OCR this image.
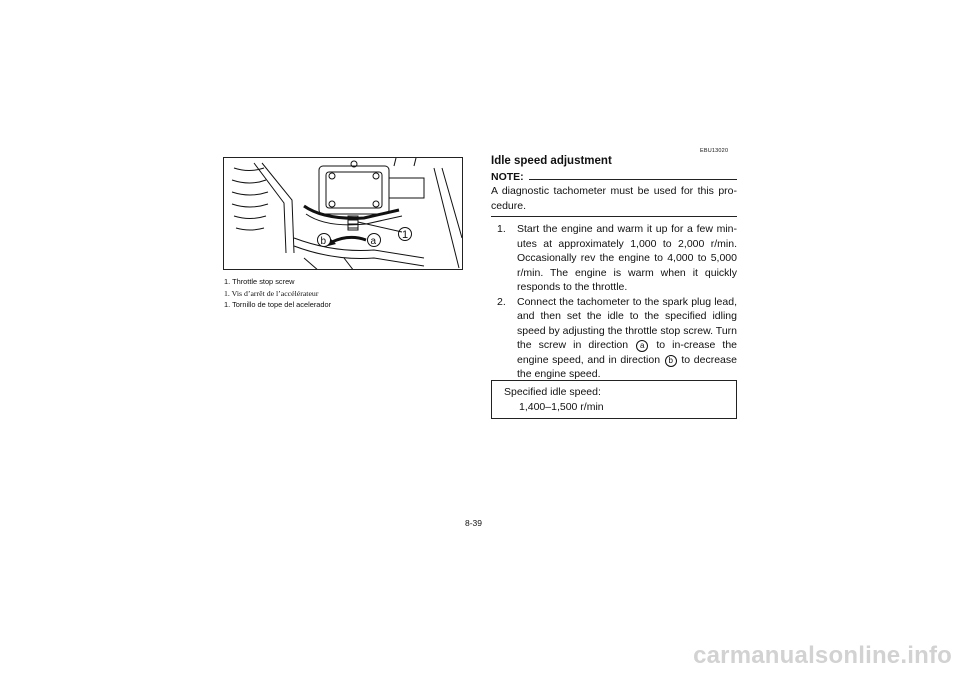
1
b	a
1. Throttle stop screw
1. Vis d’arrêt de l’accélérateur
1. Tornillo de tope del acelerador
EBU13020
Idle speed adjustment
NOTE:
A diagnostic tachometer must be used for this pro-cedure.
1. Start the engine and warm it up for a few min-utes at approximately 1,000 to 2,000 r/min. Occasionally rev the engine to 4,000 to 5,000 r/min. The engine is warm when it quickly responds to the throttle.
2. Connect the tachometer to the spark plug lead, and then set the idle to the specified idling speed by adjusting the throttle stop screw. Turn the screw in direction a to in-crease the engine speed, and in direction b to decrease the engine speed.
Specified idle speed:
1,400–1,500 r/min
8-39
carmanualsonline.info
